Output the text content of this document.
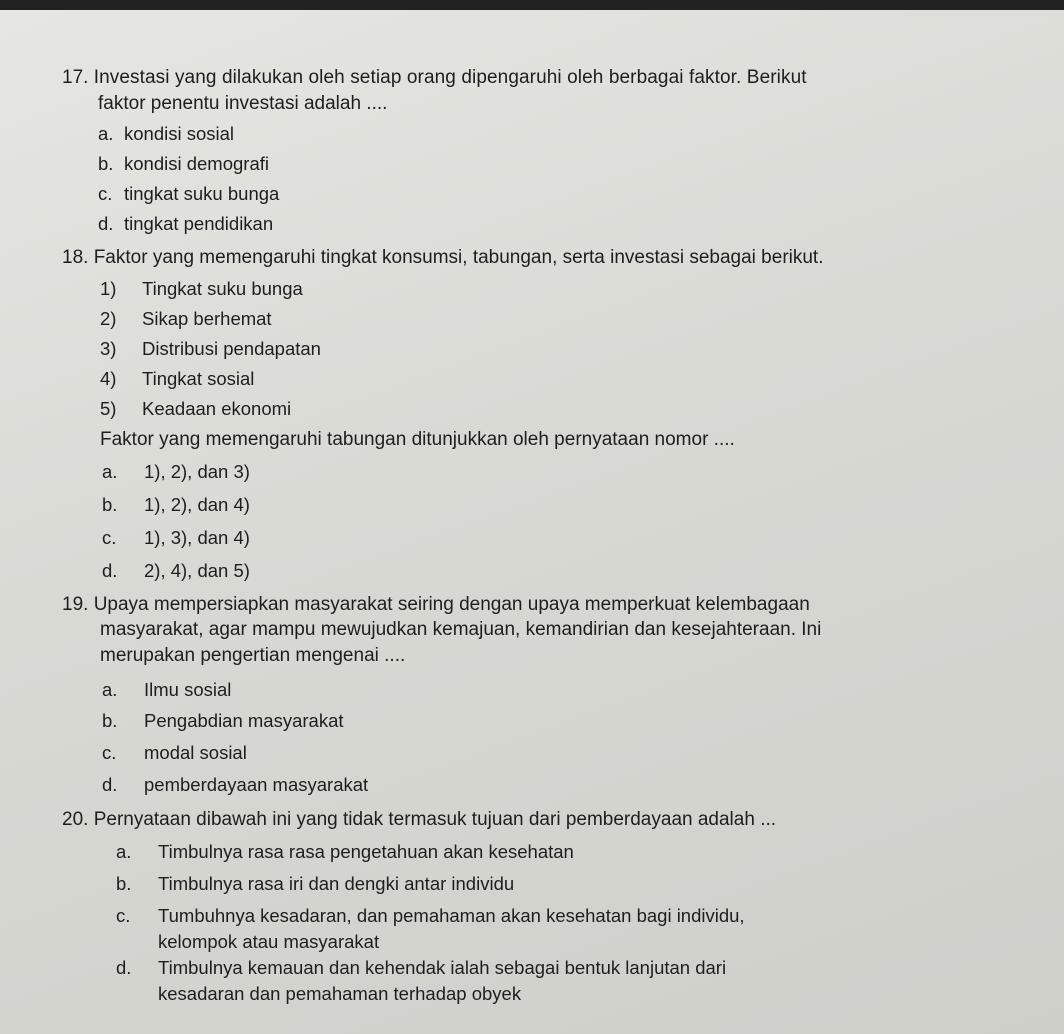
17. Investasi yang dilakukan oleh setiap orang dipengaruhi oleh berbagai faktor. Berikut
faktor penentu investasi adalah ....
a. kondisi sosial
b. kondisi demografi
c. tingkat suku bunga
d. tingkat pendidikan
18. Faktor yang memengaruhi tingkat konsumsi, tabungan, serta investasi sebagai berikut.
1) Tingkat suku bunga
2) Sikap berhemat
3) Distribusi pendapatan
4) Tingkat sosial
5) Keadaan ekonomi
Faktor yang memengaruhi tabungan ditunjukkan oleh pernyataan nomor ....
a. 1), 2), dan 3)
b. 1), 2), dan 4)
c. 1), 3), dan 4)
d. 2), 4), dan 5)
19. Upaya mempersiapkan masyarakat seiring dengan upaya memperkuat kelembagaan
masyarakat, agar mampu mewujudkan kemajuan, kemandirian dan kesejahteraan. Ini
merupakan pengertian mengenai ....
a. Ilmu sosial
b. Pengabdian masyarakat
c. modal sosial
d. pemberdayaan masyarakat
20. Pernyataan dibawah ini yang tidak termasuk tujuan dari pemberdayaan adalah ...
a. Timbulnya rasa rasa pengetahuan akan kesehatan
b. Timbulnya rasa iri dan dengki antar individu
c. Tumbuhnya kesadaran, dan pemahaman akan kesehatan bagi individu,
kelompok atau masyarakat
d. Timbulnya kemauan dan kehendak ialah sebagai bentuk lanjutan dari
kesadaran dan pemahaman terhadap obyek
